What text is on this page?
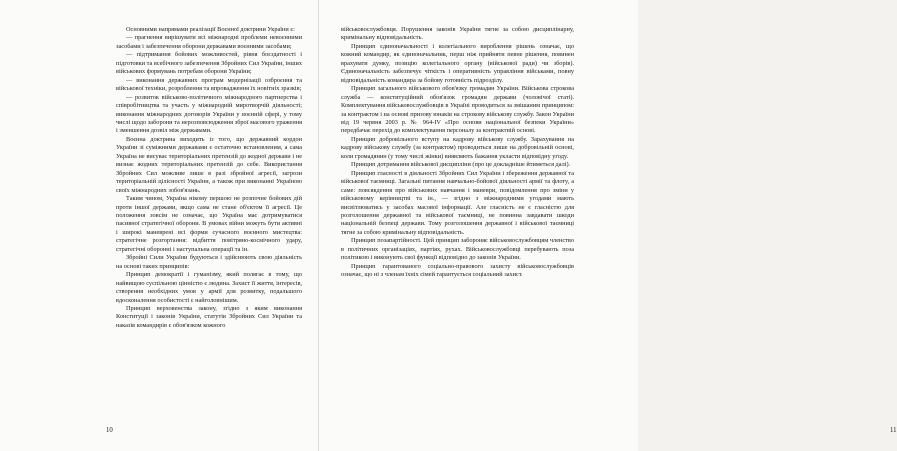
Основними напрямами реалізації Воєнної доктрини України є:

— прагнення вирішувати всі міжнародні проблеми невоєнними засобами і забезпечення оборони державами воєнними засобами;

— підтримання бойових можливостей, рівня боєздатності і підготовки та всебічного забезпечення Збройних Сил України, інших військових формувань потребам оборони України;

— виконання державних програм модернізації озброєння та військової техніки, розроблення та впровадження їх новітніх зразків;

— розвиток військово-політичного міжнародного партнерства і співробітництва та участь у міжнародній миротворчій діяльності; виконання міжнародних договорів України у воєнній сфері, у тому числі щодо заборони та нерозповсюдження зброї масового ураження і зменшення дозвіл між державами.

Воєнна доктрина виходить із того, що державний кордон України зі суміжними державами є остаточно встановленим, а сама Україна не висуває територіальних претензій до жодної держави і не визнає жодних територіальних претензій до себе. Використання Збройних Сил можливе лише в разі збройної агресії, загрози територіальній цілісності України, а також при виконанні Україною своїх міжнародних зобов'язань.

Таким чином, Україна нікому першою не розпочне бойових дій проти іншої держави, якщо сама не стане об'єктом її агресії. Це положення зовсім не означає, що Україна має дотримуватися пасивної стратегічної оборони. В умовах війни можуть бути активні і широкі маневрені всі форми сучасного воєнного мистецтва: стратегічне розгортання: відбиття повітряно-космічного удару, стратегічні оборонні і наступальна операції та ін.

Збройні Сили України будуються і здійснюють свою діяльність на основі таких принципів:

Принцип демократії і гуманізму, який полягає в тому, що найвищою суспільною цінністю є людина. Захист її життя, інтересів, створення необхідних умов у армії для розвитку, подальшого вдосконалення особистості є найголовнішим.

Принцип верховенства закону, згідно з яким виконання Конституції і законів України, статутів Збройних Сил України та наказів командирів є обов'язком кожного

10	11

військовослужбовця. Порушення законів України тягне за собою дисциплінарну, кримінальну відповідальність.

Принцип єдиноначальності і колегіального вироблення рішень означає, що кожний командир, як єдиноначальник, перш ніж прийняти певне рішення, повинен врахувати думку, позицію колегіального органу (військової ради) чи зборів). Єдиноначальність забезпечує чіткість і оперативність управління військами, повну відповідальність командира за бойову готовність підрозділу.

Принцип загального військового обов'язку громадян України. Військова строкова служба — конституційний обов'язок громадян держави (чоловічої статі). Комплектування військовослужбовців в Україні проводиться за змішаним принципом: за контрактом і на основі призову юнаків на строкову військову службу. Закон України від 19 червня 2003 р. № 964-IV «Про основи національної безпеки України» передбачає перехід до комплектування персоналу за контрактній основі.

Принцип добровільного вступу на кадрову військову службу. Зарахування на кадрову військову службу (за контрактом) проводиться лише на добровільній основі, коли громадянин (у тому числі жінки) виявляють бажання укласти відповідну угоду.

Принцип дотримання військової дисципліни (про це докладніше йтиметься далі).

Принцип гласності в діяльності Збройних Сил України і збереження державної та військової таємниці. Загальні питання навчально-бойової діяльності армії та флоту, а саме: повсякдення про військових навчання і маневри, повідомлення про зміни у військовому керівництві та ін., — згідно з міжнародними угодами мають висвітлюватись у засобах масової інформації. Але гласність не є гласністю для розголошення державної та військової таємниці, не повинна завдавати шкоди національній безпеці держави. Тому розголошення державної і військової таємниці тягне за собою кримінальну відповідальність.

Принцип позапартійності. Цей принцип забороняє військовослужбовцям членство в політичних організаціях, партіях, рухах. Військовослужбовці перебувають поза політикою і виконують свої функції відповідно до законів України.

Принцип гарантованого соціально-правового захисту військовослужбовців означає, що ні з членам їхніх сімей гарантується соціальний захист.
